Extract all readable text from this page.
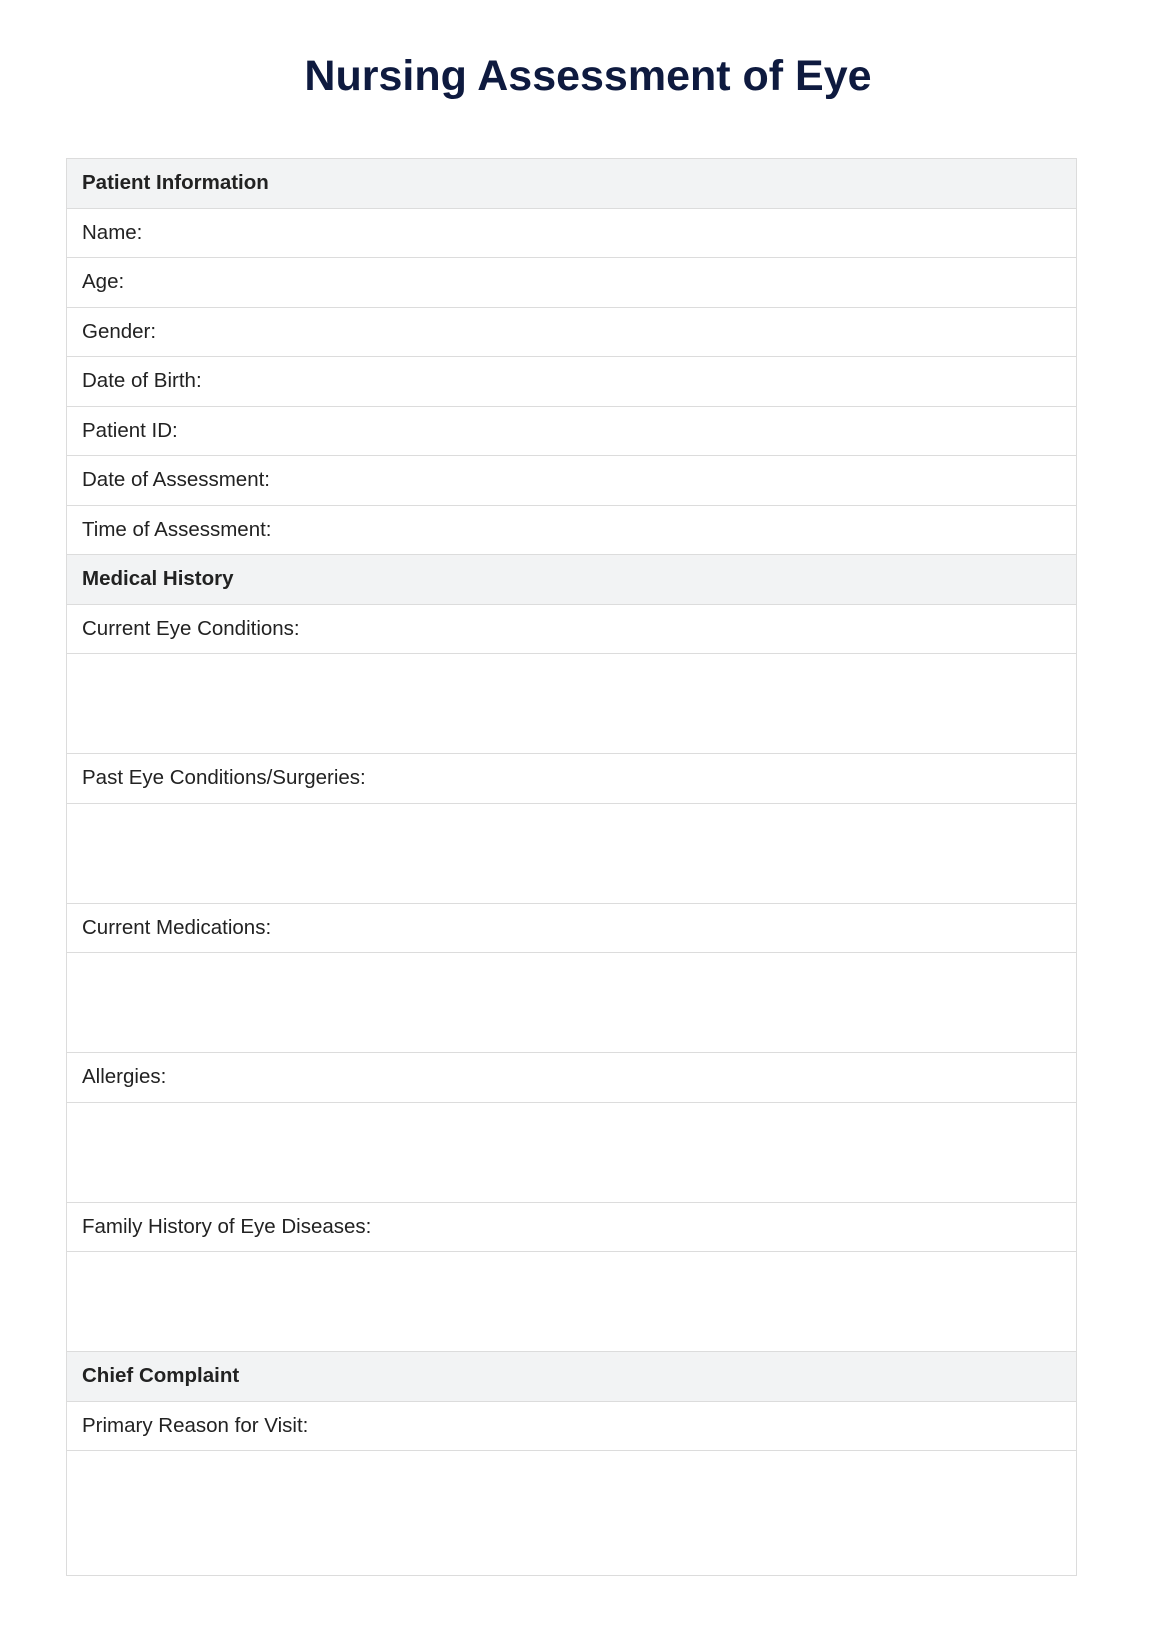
Nursing Assessment of Eye
Patient Information
Name:
Age:
Gender:
Date of Birth:
Patient ID:
Date of Assessment:
Time of Assessment:
Medical History
Current Eye Conditions:
Past Eye Conditions/Surgeries:
Current Medications:
Allergies:
Family History of Eye Diseases:
Chief Complaint
Primary Reason for Visit:
